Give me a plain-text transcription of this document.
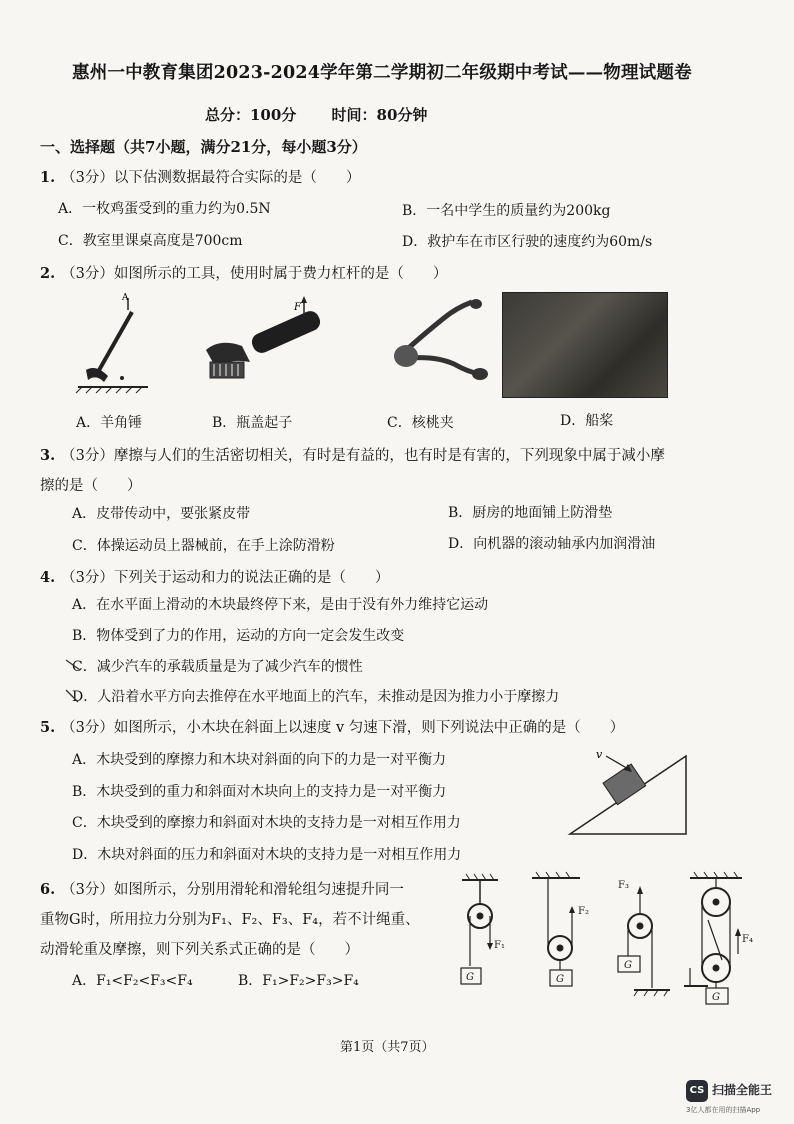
惠州一中教育集团2023-2024学年第二学期初二年级期中考试——物理试题卷
总分：100分 时间：80分钟
一、选择题（共7小题，满分21分，每小题3分）
1. （3分）以下估测数据最符合实际的是（　　）
A．一枚鸡蛋受到的重力约为0.5N	B．一名中学生的质量约为200kg
C．教室里课桌高度是700cm	D．救护车在市区行驶的速度约为60m/s
2. （3分）如图所示的工具，使用时属于费力杠杆的是（　　）
A
F
A．羊角锤	B．瓶盖起子	C．核桃夹	D．船桨
3. （3分）摩擦与人们的生活密切相关，有时是有益的，也有时是有害的，下列现象中属于减小摩
擦的是（　　）
A．皮带传动中，要张紧皮带	B．厨房的地面铺上防滑垫
C．体操运动员上器械前，在手上涂防滑粉	D．向机器的滚动轴承内加润滑油
4. （3分）下列关于运动和力的说法正确的是（　　）
A．在水平面上滑动的木块最终停下来，是由于没有外力维持它运动
B．物体受到了力的作用，运动的方向一定会发生改变
C．减少汽车的承载质量是为了减少汽车的惯性
D．人沿着水平方向去推停在水平地面上的汽车，未推动是因为推力小于摩擦力
5. （3分）如图所示，小木块在斜面上以速度 v 匀速下滑，则下列说法中正确的是（　　）
A．木块受到的摩擦力和木块对斜面的向下的力是一对平衡力
B．木块受到的重力和斜面对木块向上的支持力是一对平衡力
C．木块受到的摩擦力和斜面对木块的支持力是一对相互作用力
D．木块对斜面的压力和斜面对木块的支持力是一对相互作用力
v
6. （3分）如图所示，分别用滑轮和滑轮组匀速提升同一
重物G时，所用拉力分别为F₁、F₂、F₃、F₄，若不计绳重、
动滑轮重及摩擦，则下列关系式正确的是（　　）
A．F₁<F₂<F₃<F₄	B．F₁>F₂>F₃>F₄
F₁
G
F₂
G
F₃
G
F₄
G
第1页（共7页）
CS 扫描全能王
3亿人都在用的扫描App
